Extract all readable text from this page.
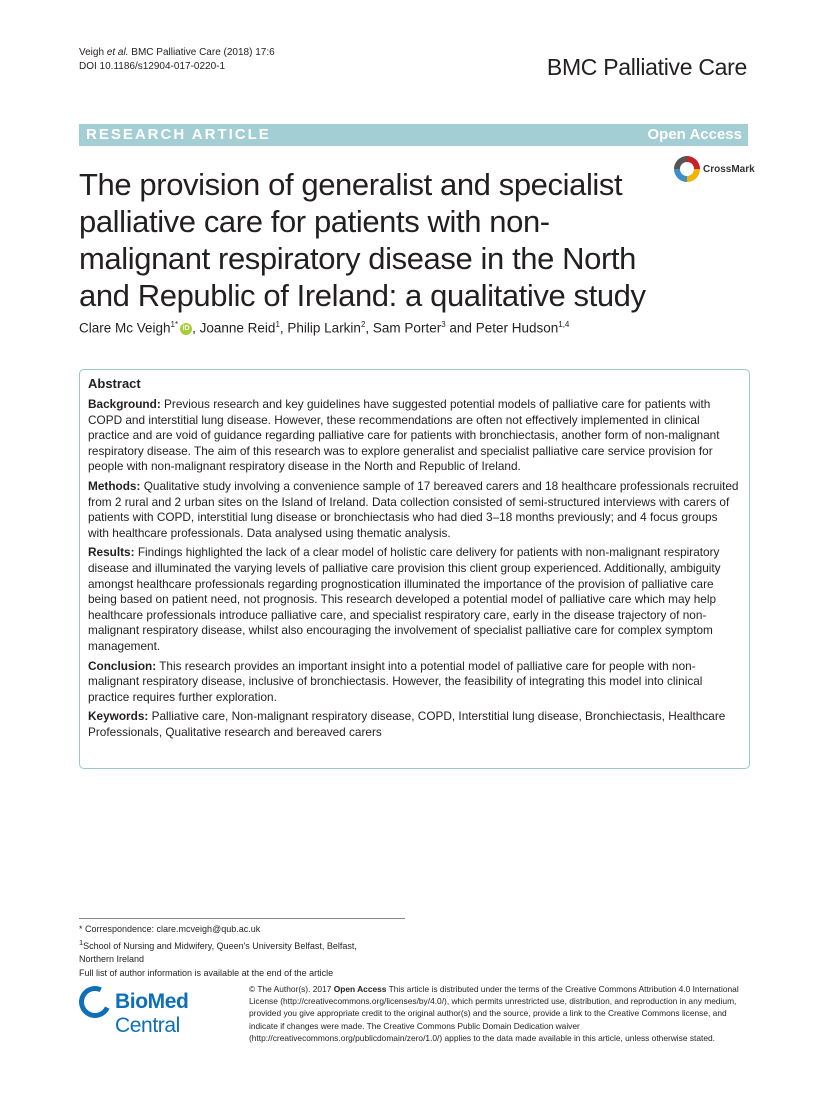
Veigh et al. BMC Palliative Care (2018) 17:6
DOI 10.1186/s12904-017-0220-1	BMC Palliative Care
RESEARCH ARTICLE	Open Access
CrossMark
The provision of generalist and specialist palliative care for patients with non-malignant respiratory disease in the North and Republic of Ireland: a qualitative study
Clare Mc Veigh$^{1*}$ iD , Joanne Reid$^1$, Philip Larkin$^2$, Sam Porter$^3$ and Peter Hudson$^{1,4}$
Abstract

Background: Previous research and key guidelines have suggested potential models of palliative care for patients with COPD and interstitial lung disease. However, these recommendations are often not effectively implemented in clinical practice and are void of guidance regarding palliative care for patients with bronchiectasis, another form of non-malignant respiratory disease. The aim of this research was to explore generalist and specialist palliative care service provision for people with non-malignant respiratory disease in the North and Republic of Ireland.

Methods: Qualitative study involving a convenience sample of 17 bereaved carers and 18 healthcare professionals recruited from 2 rural and 2 urban sites on the Island of Ireland. Data collection consisted of semi-structured interviews with carers of patients with COPD, interstitial lung disease or bronchiectasis who had died 3–18 months previously; and 4 focus groups with healthcare professionals. Data analysed using thematic analysis.

Results: Findings highlighted the lack of a clear model of holistic care delivery for patients with non-malignant respiratory disease and illuminated the varying levels of palliative care provision this client group experienced. Additionally, ambiguity amongst healthcare professionals regarding prognostication illuminated the importance of the provision of palliative care being based on patient need, not prognosis. This research developed a potential model of palliative care which may help healthcare professionals introduce palliative care, and specialist respiratory care, early in the disease trajectory of non-malignant respiratory disease, whilst also encouraging the involvement of specialist palliative care for complex symptom management.

Conclusion: This research provides an important insight into a potential model of palliative care for people with non-malignant respiratory disease, inclusive of bronchiectasis. However, the feasibility of integrating this model into clinical practice requires further exploration.

Keywords: Palliative care, Non-malignant respiratory disease, COPD, Interstitial lung disease, Bronchiectasis, Healthcare Professionals, Qualitative research and bereaved carers

* Correspondence: clare.mcveigh@qub.ac.uk
$^1$School of Nursing and Midwifery, Queen's University Belfast, Belfast,
Northern Ireland
Full list of author information is available at the end of the article
BioMed Central
© The Author(s). 2017 Open Access This article is distributed under the terms of the Creative Commons Attribution 4.0 International License (http://creativecommons.org/licenses/by/4.0/), which permits unrestricted use, distribution, and reproduction in any medium, provided you give appropriate credit to the original author(s) and the source, provide a link to the Creative Commons license, and indicate if changes were made. The Creative Commons Public Domain Dedication waiver (http://creativecommons.org/publicdomain/zero/1.0/) applies to the data made available in this article, unless otherwise stated.
